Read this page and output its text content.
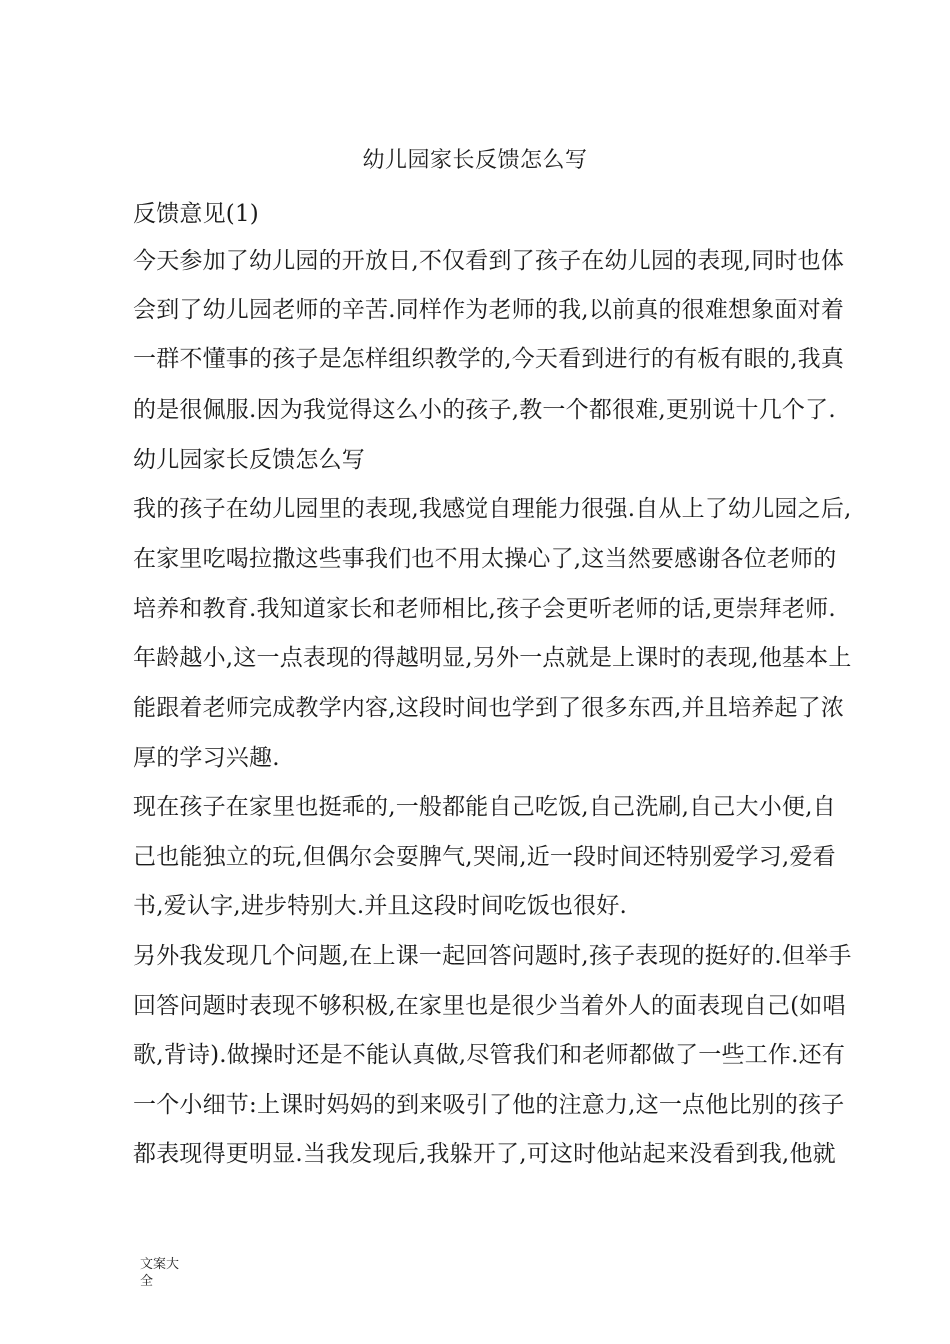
幼儿园家长反馈怎么写
反馈意见(1)
今天参加了幼儿园的开放日,不仅看到了孩子在幼儿园的表现,同时也体
会到了幼儿园老师的辛苦.同样作为老师的我,以前真的很难想象面对着
一群不懂事的孩子是怎样组织教学的,今天看到进行的有板有眼的,我真
的是很佩服.因为我觉得这么小的孩子,教一个都很难,更别说十几个了.
幼儿园家长反馈怎么写
我的孩子在幼儿园里的表现,我感觉自理能力很强.自从上了幼儿园之后,
在家里吃喝拉撒这些事我们也不用太操心了,这当然要感谢各位老师的
培养和教育.我知道家长和老师相比,孩子会更听老师的话,更崇拜老师.
年龄越小,这一点表现的得越明显,另外一点就是上课时的表现,他基本上
能跟着老师完成教学内容,这段时间也学到了很多东西,并且培养起了浓
厚的学习兴趣.
现在孩子在家里也挺乖的,一般都能自己吃饭,自己洗刷,自己大小便,自
己也能独立的玩,但偶尔会耍脾气,哭闹,近一段时间还特别爱学习,爱看
书,爱认字,进步特别大.并且这段时间吃饭也很好.
另外我发现几个问题,在上课一起回答问题时,孩子表现的挺好的.但举手
回答问题时表现不够积极,在家里也是很少当着外人的面表现自己(如唱
歌,背诗).做操时还是不能认真做,尽管我们和老师都做了一些工作.还有
一个小细节:上课时妈妈的到来吸引了他的注意力,这一点他比别的孩子
都表现得更明显.当我发现后,我躲开了,可这时他站起来没看到我,他就
文案大
全
